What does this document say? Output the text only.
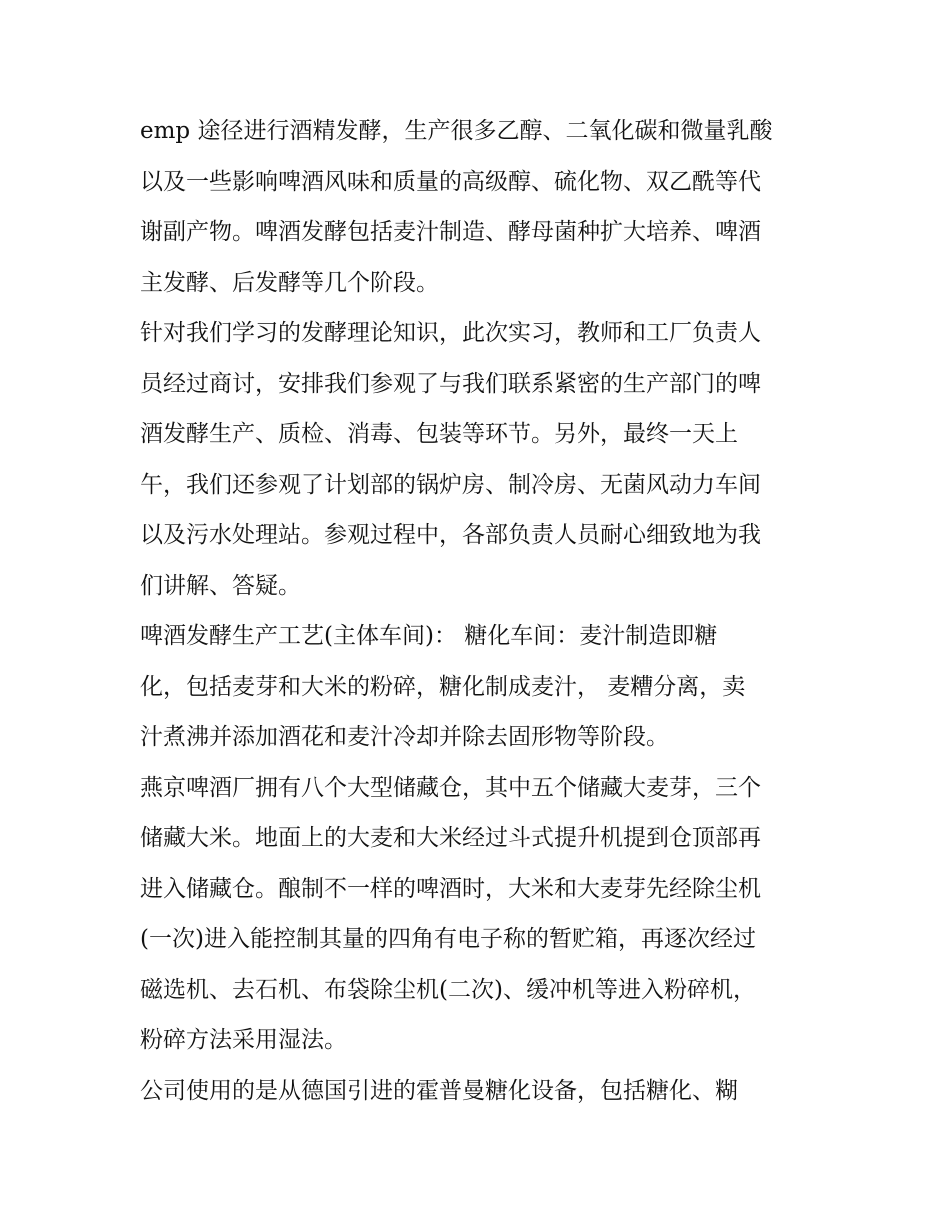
emp 途径进行酒精发酵，生产很多乙醇、二氧化碳和微量乳酸
以及一些影响啤酒风味和质量的高级醇、硫化物、双乙酰等代
谢副产物。啤酒发酵包括麦汁制造、酵母菌种扩大培养、啤酒
主发酵、后发酵等几个阶段。
针对我们学习的发酵理论知识，此次实习，教师和工厂负责人
员经过商讨，安排我们参观了与我们联系紧密的生产部门的啤
酒发酵生产、质检、消毒、包装等环节。另外，最终一天上
午，我们还参观了计划部的锅炉房、制冷房、无菌风动力车间
以及污水处理站。参观过程中，各部负责人员耐心细致地为我
们讲解、答疑。
啤酒发酵生产工艺(主体车间)： 糖化车间：麦汁制造即糖
化，包括麦芽和大米的粉碎，糖化制成麦汁， 麦糟分离，卖
汁煮沸并添加酒花和麦汁冷却并除去固形物等阶段。
燕京啤酒厂拥有八个大型储藏仓，其中五个储藏大麦芽，三个
储藏大米。地面上的大麦和大米经过斗式提升机提到仓顶部再
进入储藏仓。酿制不一样的啤酒时，大米和大麦芽先经除尘机
(一次)进入能控制其量的四角有电子称的暂贮箱，再逐次经过
磁选机、去石机、布袋除尘机(二次)、缓冲机等进入粉碎机，
粉碎方法采用湿法。
公司使用的是从德国引进的霍普曼糖化设备，包括糖化、糊
